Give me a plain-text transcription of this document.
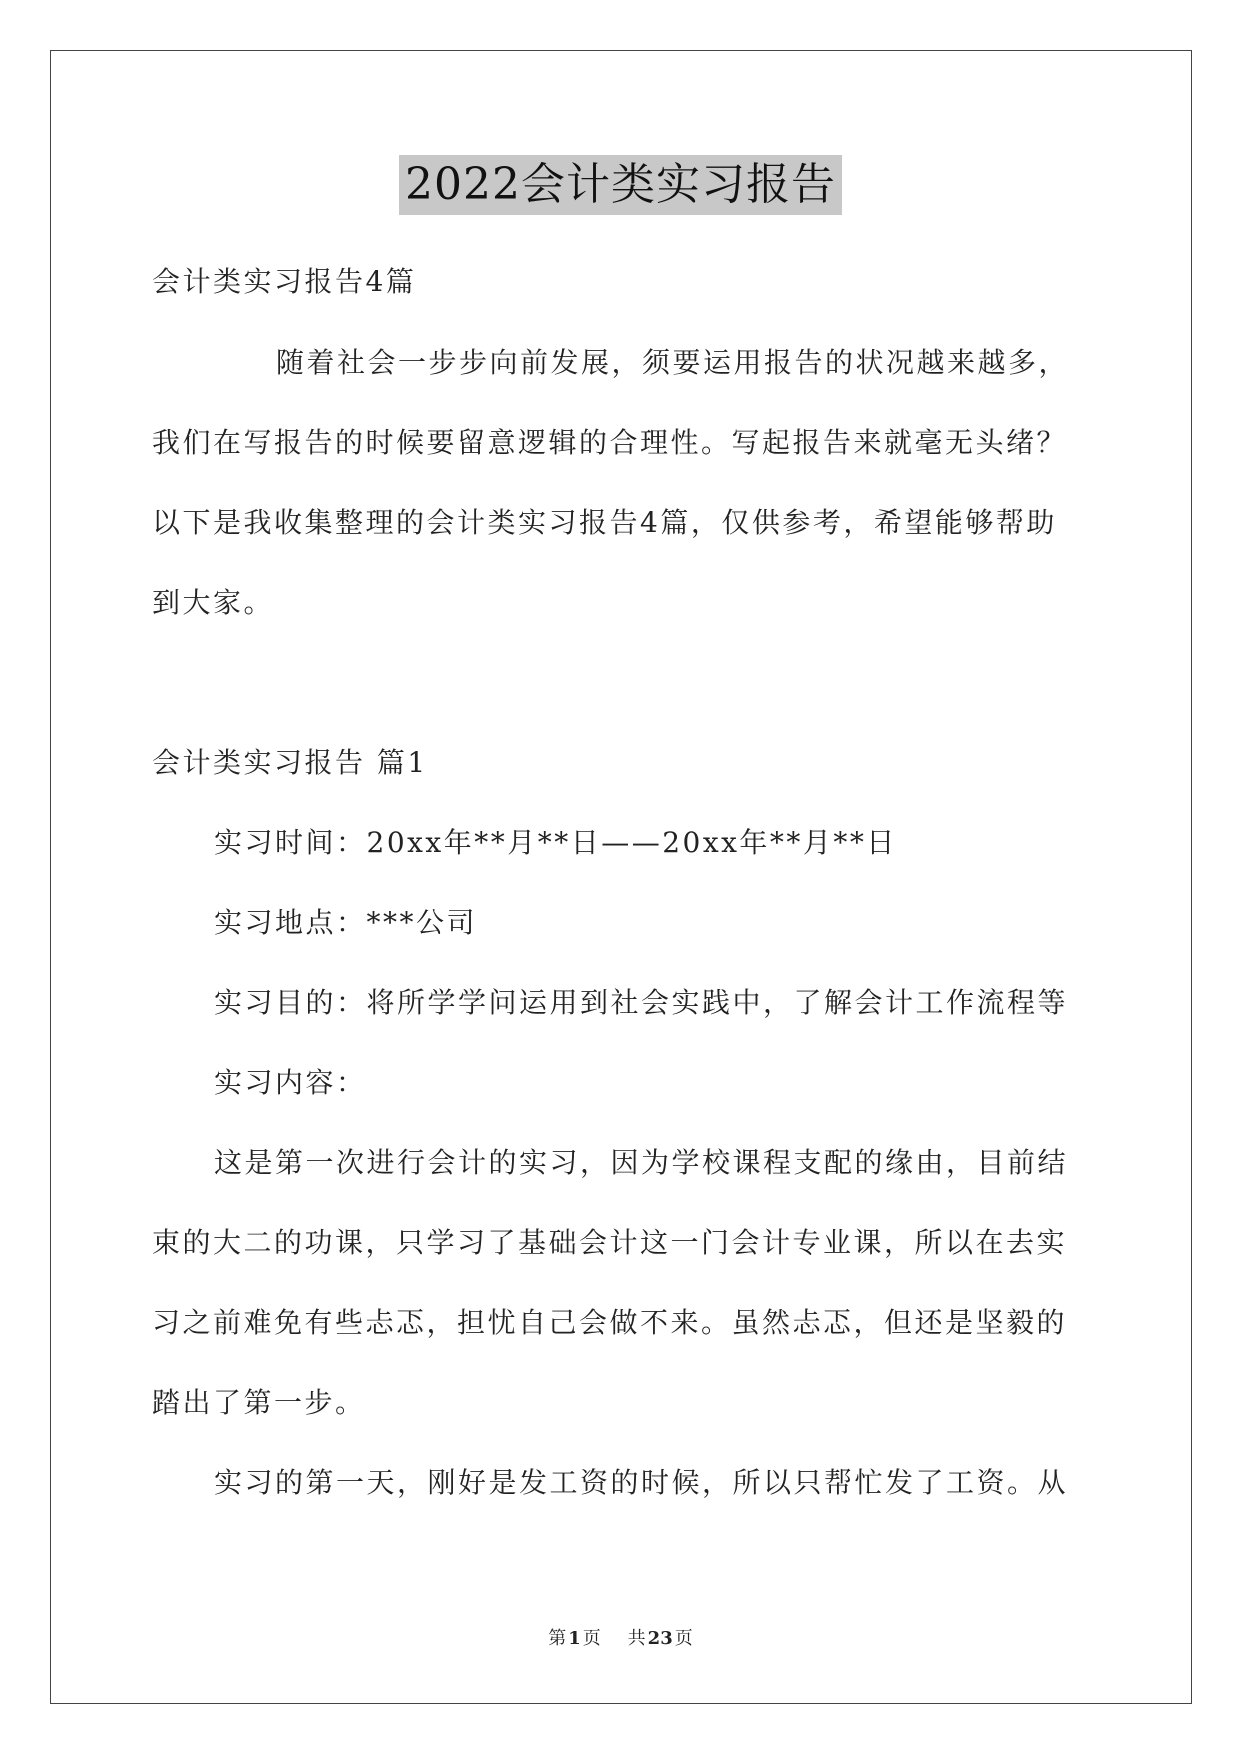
2022会计类实习报告
会计类实习报告4篇
随着社会一步步向前发展，须要运用报告的状况越来越多，
我们在写报告的时候要留意逻辑的合理性。写起报告来就毫无头绪？
以下是我收集整理的会计类实习报告4篇，仅供参考，希望能够帮助
到大家。
会计类实习报告 篇1
实习时间：20xx年**月**日——20xx年**月**日
实习地点：***公司
实习目的：将所学学问运用到社会实践中，了解会计工作流程等
实习内容：
这是第一次进行会计的实习，因为学校课程支配的缘由，目前结
束的大二的功课，只学习了基础会计这一门会计专业课，所以在去实
习之前难免有些忐忑，担忧自己会做不来。虽然忐忑，但还是坚毅的
踏出了第一步。
实习的第一天，刚好是发工资的时候，所以只帮忙发了工资。从
第 1 页 共 23 页
